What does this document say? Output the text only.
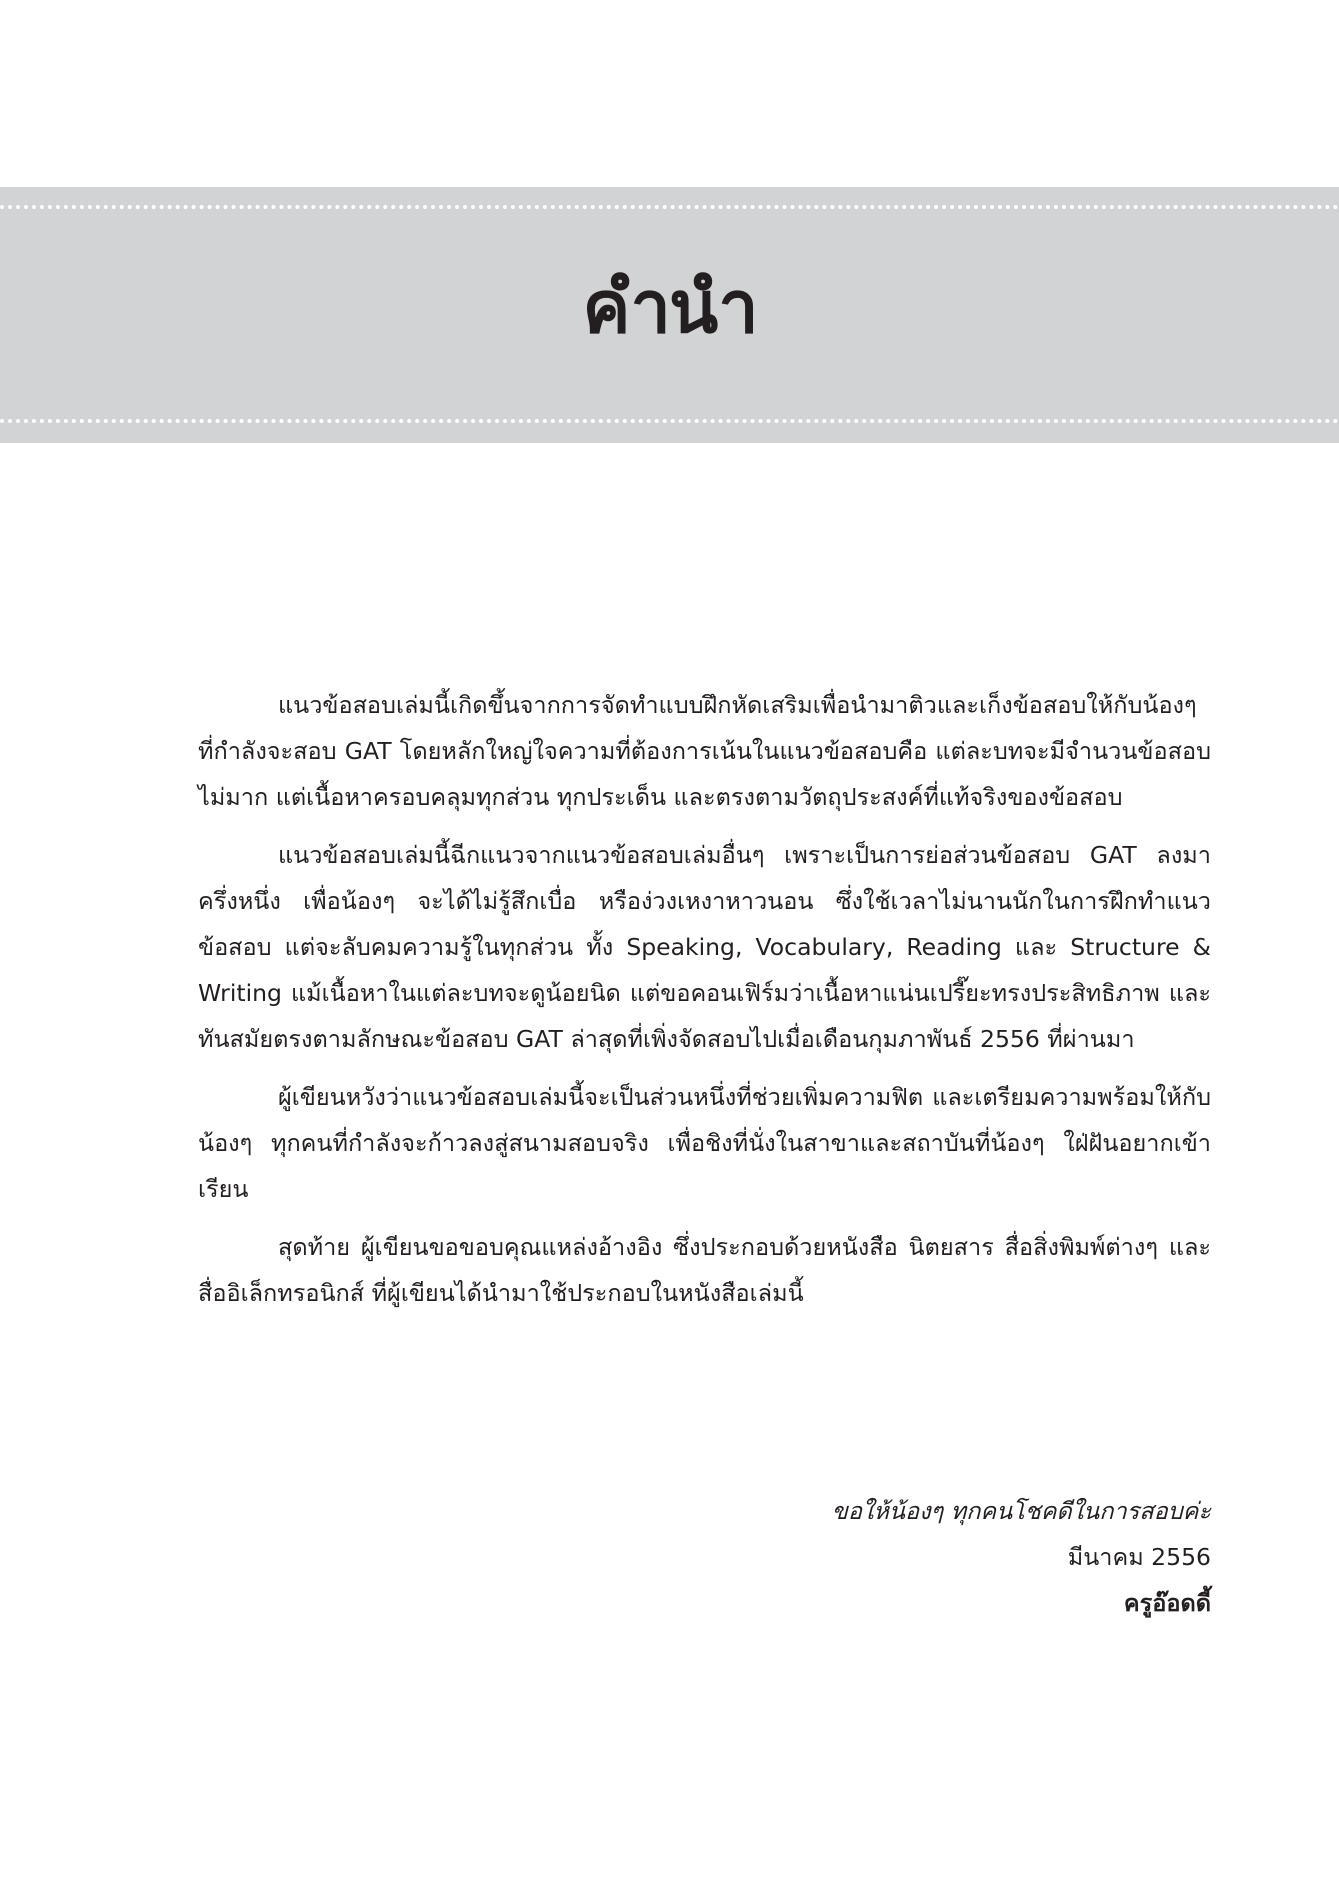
คำนำ

แนวข้อสอบเล่มนี้เกิดขึ้นจากการจัดทำแบบฝึกหัดเสริมเพื่อนำมาติวและเก็งข้อสอบให้กับน้องๆ ที่กำลังจะสอบ GAT โดยหลักใหญ่ใจความที่ต้องการเน้นในแนวข้อสอบคือ แต่ละบทจะมีจำนวนข้อสอบไม่มาก แต่เนื้อหาครอบคลุมทุกส่วน ทุกประเด็น และตรงตามวัตถุประสงค์ที่แท้จริงของข้อสอบ

แนวข้อสอบเล่มนี้ฉีกแนวจากแนวข้อสอบเล่มอื่นๆ เพราะเป็นการย่อส่วนข้อสอบ GAT ลงมาครึ่งหนึ่ง เพื่อน้องๆ จะได้ไม่รู้สึกเบื่อ หรือง่วงเหงาหาวนอน ซึ่งใช้เวลาไม่นานนักในการฝึกทำแนวข้อสอบ แต่จะลับคมความรู้ในทุกส่วน ทั้ง Speaking, Vocabulary, Reading และ Structure & Writing แม้เนื้อหาในแต่ละบทจะดูน้อยนิด แต่ขอคอนเฟิร์มว่าเนื้อหาแน่นเปรี๊ยะทรงประสิทธิภาพ และทันสมัยตรงตามลักษณะข้อสอบ GAT ล่าสุดที่เพิ่งจัดสอบไปเมื่อเดือนกุมภาพันธ์ 2556 ที่ผ่านมา

ผู้เขียนหวังว่าแนวข้อสอบเล่มนี้จะเป็นส่วนหนึ่งที่ช่วยเพิ่มความฟิต และเตรียมความพร้อมให้กับน้องๆ ทุกคนที่กำลังจะก้าวลงสู่สนามสอบจริง เพื่อชิงที่นั่งในสาขาและสถาบันที่น้องๆ ใฝ่ฝันอยากเข้าเรียน

สุดท้าย ผู้เขียนขอขอบคุณแหล่งอ้างอิง ซึ่งประกอบด้วยหนังสือ นิตยสาร สื่อสิ่งพิมพ์ต่างๆ และสื่ออิเล็กทรอนิกส์ ที่ผู้เขียนได้นำมาใช้ประกอบในหนังสือเล่มนี้

ขอให้น้องๆ ทุกคนโชคดีในการสอบค่ะ
มีนาคม 2556
ครูอ๊อดดี้
